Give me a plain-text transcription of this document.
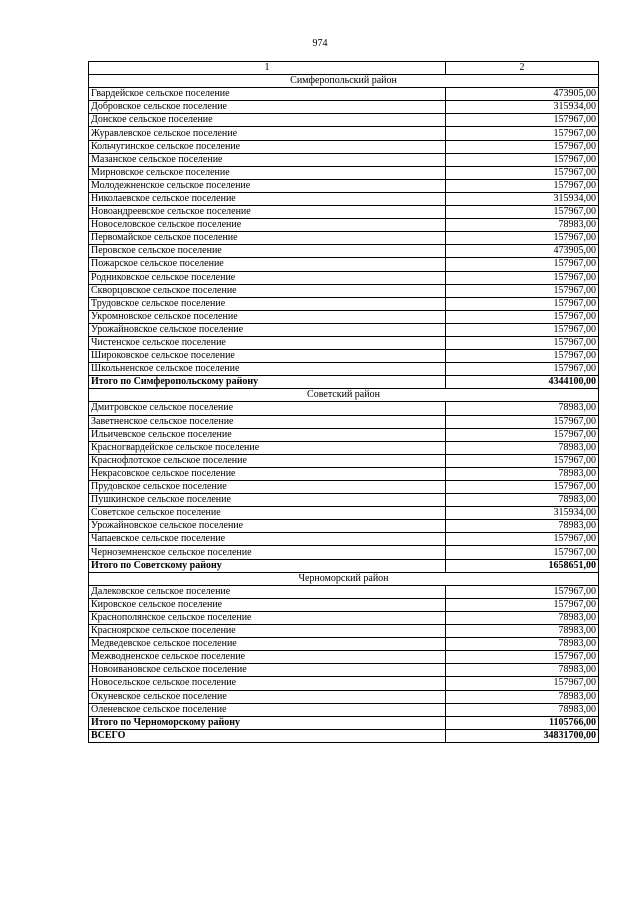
974
1	2
Симферопольский район	
Гвардейское сельское поселение	473905,00
Добровское сельское поселение	315934,00
Донское сельское поселение	157967,00
Журавлевское сельское поселение	157967,00
Кольчугинское сельское поселение	157967,00
Мазанское сельское поселение	157967,00
Мирновское сельское поселение	157967,00
Молодежненское сельское поселение	157967,00
Николаевское сельское поселение	315934,00
Новоандреевское сельское поселение	157967,00
Новоселовское сельское поселение	78983,00
Первомайское сельское поселение	157967,00
Перовское сельское поселение	473905,00
Пожарское сельское поселение	157967,00
Родниковское сельское поселение	157967,00
Скворцовское сельское поселение	157967,00
Трудовское сельское поселение	157967,00
Укромновское сельское поселение	157967,00
Урожайновское сельское поселение	157967,00
Чистенское сельское поселение	157967,00
Широковское сельское поселение	157967,00
Школьненское сельское поселение	157967,00
Итого по Симферопольскому району	4344100,00
Советский район	
Дмитровское сельское поселение	78983,00
Заветненское сельское поселение	157967,00
Ильичевское сельское поселение	157967,00
Красногвардейское сельское поселение	78983,00
Краснофлотское сельское поселение	157967,00
Некрасовское сельское поселение	78983,00
Прудовское сельское поселение	157967,00
Пушкинское сельское поселение	78983,00
Советское сельское поселение	315934,00
Урожайновское сельское поселение	78983,00
Чапаевское сельское поселение	157967,00
Черноземненское сельское поселение	157967,00
Итого по Советскому району	1658651,00
Черноморский район	
Далековское сельское поселение	157967,00
Кировское сельское поселение	157967,00
Краснополянское сельское поселение	78983,00
Красноярское сельское поселение	78983,00
Медведевское сельское поселение	78983,00
Межводненское сельское поселение	157967,00
Новоивановское сельское поселение	78983,00
Новосельское сельское поселение	157967,00
Окуневское сельское поселение	78983,00
Оленевское сельское поселение	78983,00
Итого по Черноморскому району	1105766,00
ВСЕГО	34831700,00
